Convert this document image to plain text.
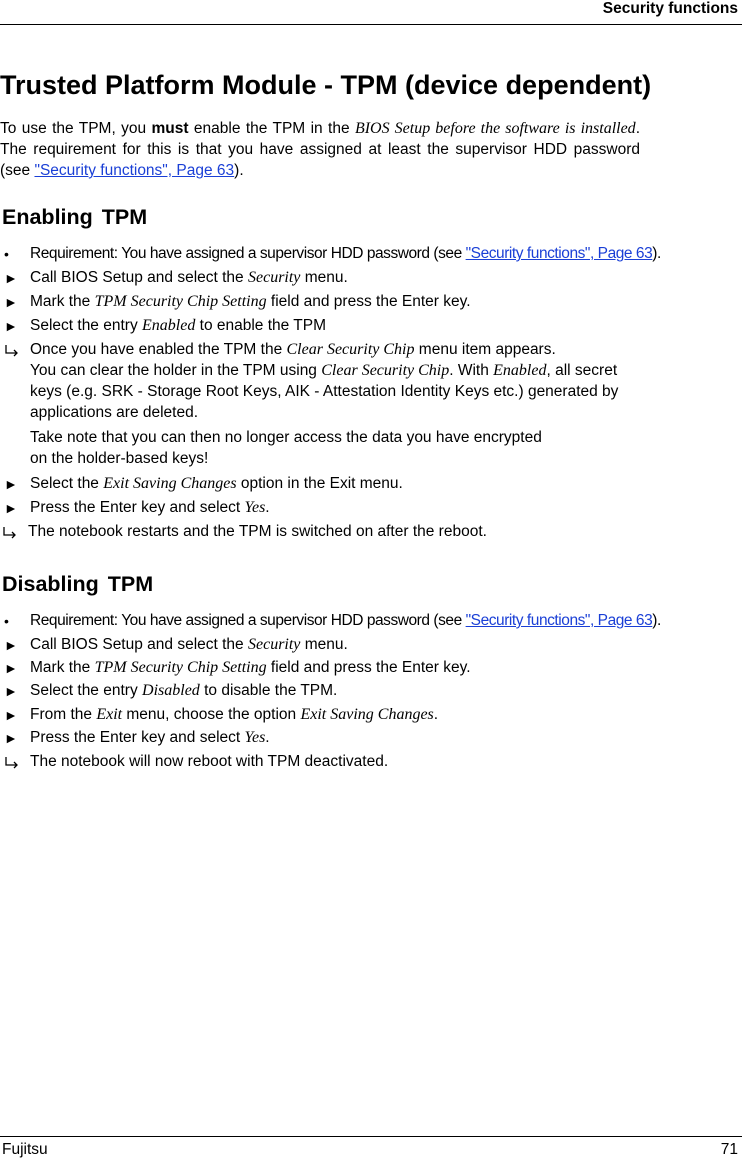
Security functions
Trusted Platform Module - TPM (device dependent)
To use the TPM, you must enable the TPM in the BIOS Setup before the software is installed. The requirement for this is that you have assigned at least the supervisor HDD password (see "Security functions", Page 63).
Enabling TPM
•	Requirement: You have assigned a supervisor HDD password (see "Security functions", Page 63).
► Call BIOS Setup and select the Security menu.
► Mark the TPM Security Chip Setting field and press the Enter key.
► Select the entry Enabled to enable the TPM
Once you have enabled the TPM the Clear Security Chip menu item appears.
You can clear the holder in the TPM using Clear Security Chip. With Enabled, all secret keys (e.g. SRK - Storage Root Keys, AIK - Attestation Identity Keys etc.) generated by applications are deleted.
Take note that you can then no longer access the data you have encrypted on the holder-based keys!
► Select the Exit Saving Changes option in the Exit menu.
► Press the Enter key and select Yes.
The notebook restarts and the TPM is switched on after the reboot.
Disabling TPM
•	Requirement: You have assigned a supervisor HDD password (see "Security functions", Page 63).
► Call BIOS Setup and select the Security menu.
► Mark the TPM Security Chip Setting field and press the Enter key.
► Select the entry Disabled to disable the TPM.
► From the Exit menu, choose the option Exit Saving Changes.
► Press the Enter key and select Yes.
The notebook will now reboot with TPM deactivated.
Fujitsu	71
